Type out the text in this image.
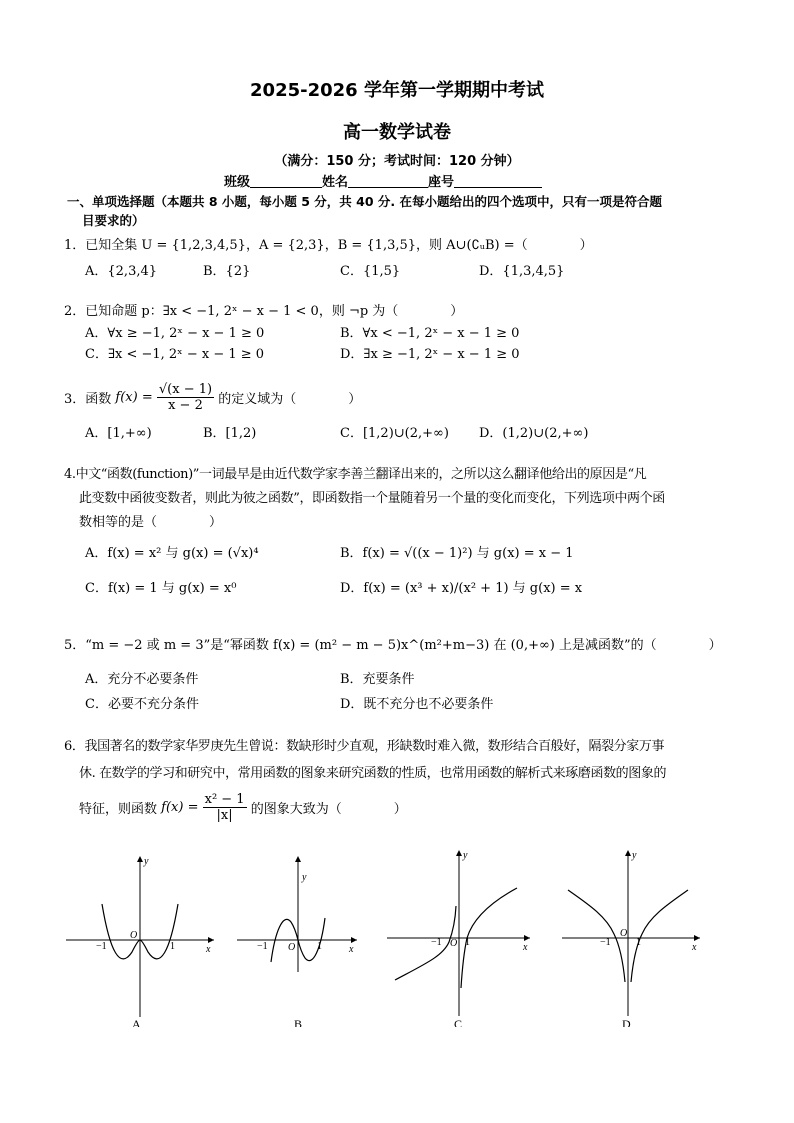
2025-2026 学年第一学期期中考试
高一数学试卷
（满分：150 分；考试时间：120 分钟）
班级	姓名	座号
一、单项选择题（本题共 8 小题，每小题 5 分，共 40 分. 在每小题给出的四个选项中，只有一项是符合题
目要求的）
1．已知全集 U = {1,2,3,4,5}，A = {2,3}，B = {1,3,5}，则 A∪(∁ᵤB) =（　　　　）
A．{2,3,4}	B．{2}	C．{1,5}	D．{1,3,4,5}
2．已知命题 p：∃x < −1, 2ˣ − x − 1 < 0，则 ¬p 为（　　　　）
A．∀x ≥ −1, 2ˣ − x − 1 ≥ 0	B．∀x < −1, 2ˣ − x − 1 ≥ 0
C．∃x < −1, 2ˣ − x − 1 ≥ 0	D．∃x ≥ −1, 2ˣ − x − 1 ≥ 0
3．函数 $f(x) = \frac{√(x - 1)}{x - 2}$ 的定义域为（　　　　）
A．[1,+∞)	B．[1,2)	C．[1,2)∪(2,+∞) D．(1,2)∪(2,+∞)
4.中文“函数(function)”一词最早是由近代数学家李善兰翻译出来的，之所以这么翻译他给出的原因是“凡
此变数中函彼变数者，则此为彼之函数”，即函数指一个量随着另一个量的变化而变化，下列选项中两个函
数相等的是（　　　　）
A．f(x) = x² 与 g(x) = (√x)⁴	B．f(x) = √((x − 1)²) 与 g(x) = x − 1
C．f(x) = 1 与 g(x) = x⁰	D．f(x) = (x³ + x)/(x² + 1) 与 g(x) = x
5．“m = −2 或 m = 3”是“幂函数 f(x) = (m² − m − 5)x^(m²+m−3) 在 (0,+∞) 上是减函数”的（　　　　）
A．充分不必要条件	B．充要条件
C．必要不充分条件	D．既不充分也不必要条件
6．我国著名的数学家华罗庚先生曾说：数缺形时少直观，形缺数时难入微，数形结合百般好，隔裂分家万事
休. 在数学的学习和研究中，常用函数的图象来研究函数的性质，也常用函数的解析式来琢磨函数的图象的
特征，则函数 $f(x) = \frac{\text{x² − 1}}{|x|}$ 的图象大致为（　　　　）
y
x
O
−1	1
A
y
x
O
−1	1
B
y
x
O
−1 1
C
y
x
O
−1	1
D
